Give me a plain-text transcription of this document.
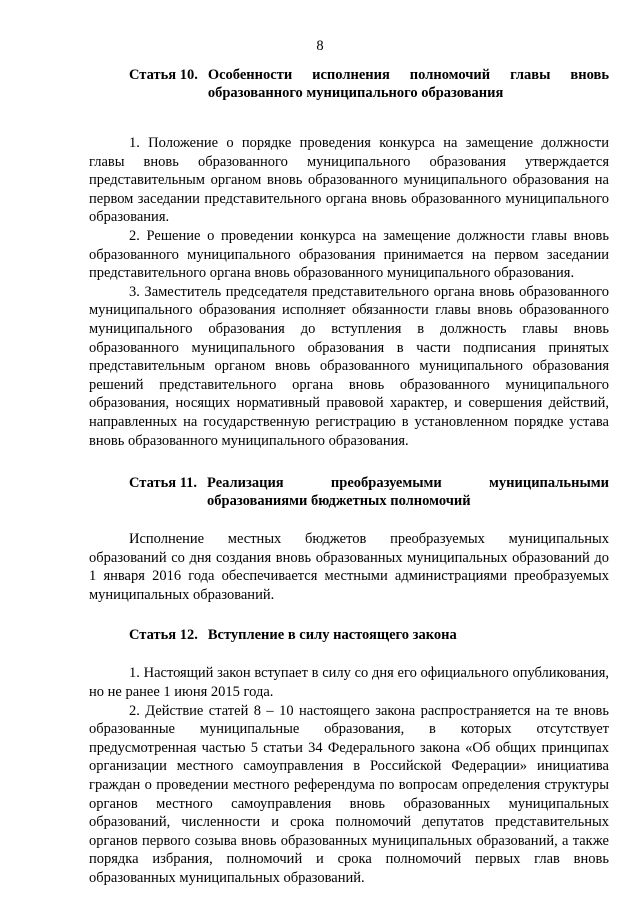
8
Статья 10. Особенности исполнения полномочий главы вновь образованного муниципального образования

1. Положение о порядке проведения конкурса на замещение должности главы вновь образованного муниципального образования утверждается представительным органом вновь образованного муниципального образования на первом заседании представительного органа вновь образованного муниципального образования.

2. Решение о проведении конкурса на замещение должности главы вновь образованного муниципального образования принимается на первом заседании представительного органа вновь образованного муниципального образования.

3. Заместитель председателя представительного органа вновь образованного муниципального образования исполняет обязанности главы вновь образованного муниципального образования до вступления в должность главы вновь образованного муниципального образования в части подписания принятых представительным органом вновь образованного муниципального образования решений представительного органа вновь образованного муниципального образования, носящих нормативный правовой характер, и совершения действий, направленных на государственную регистрацию в установленном порядке устава вновь образованного муниципального образования.

Статья 11. Реализация преобразуемыми муниципальными образованиями бюджетных полномочий

Исполнение местных бюджетов преобразуемых муниципальных образований со дня создания вновь образованных муниципальных образований до 1 января 2016 года обеспечивается местными администрациями преобразуемых муниципальных образований.

Статья 12. Вступление в силу настоящего закона

1. Настоящий закон вступает в силу со дня его официального опубликования, но не ранее 1 июня 2015 года.

2. Действие статей 8 – 10 настоящего закона распространяется на те вновь образованные муниципальные образования, в которых отсутствует предусмотренная частью 5 статьи 34 Федерального закона «Об общих принципах организации местного самоуправления в Российской Федерации» инициатива граждан о проведении местного референдума по вопросам определения структуры органов местного самоуправления вновь образованных муниципальных образований, численности и срока полномочий депутатов представительных органов первого созыва вновь образованных муниципальных образований, а также порядка избрания, полномочий и срока полномочий первых глав вновь образованных муниципальных образований.
